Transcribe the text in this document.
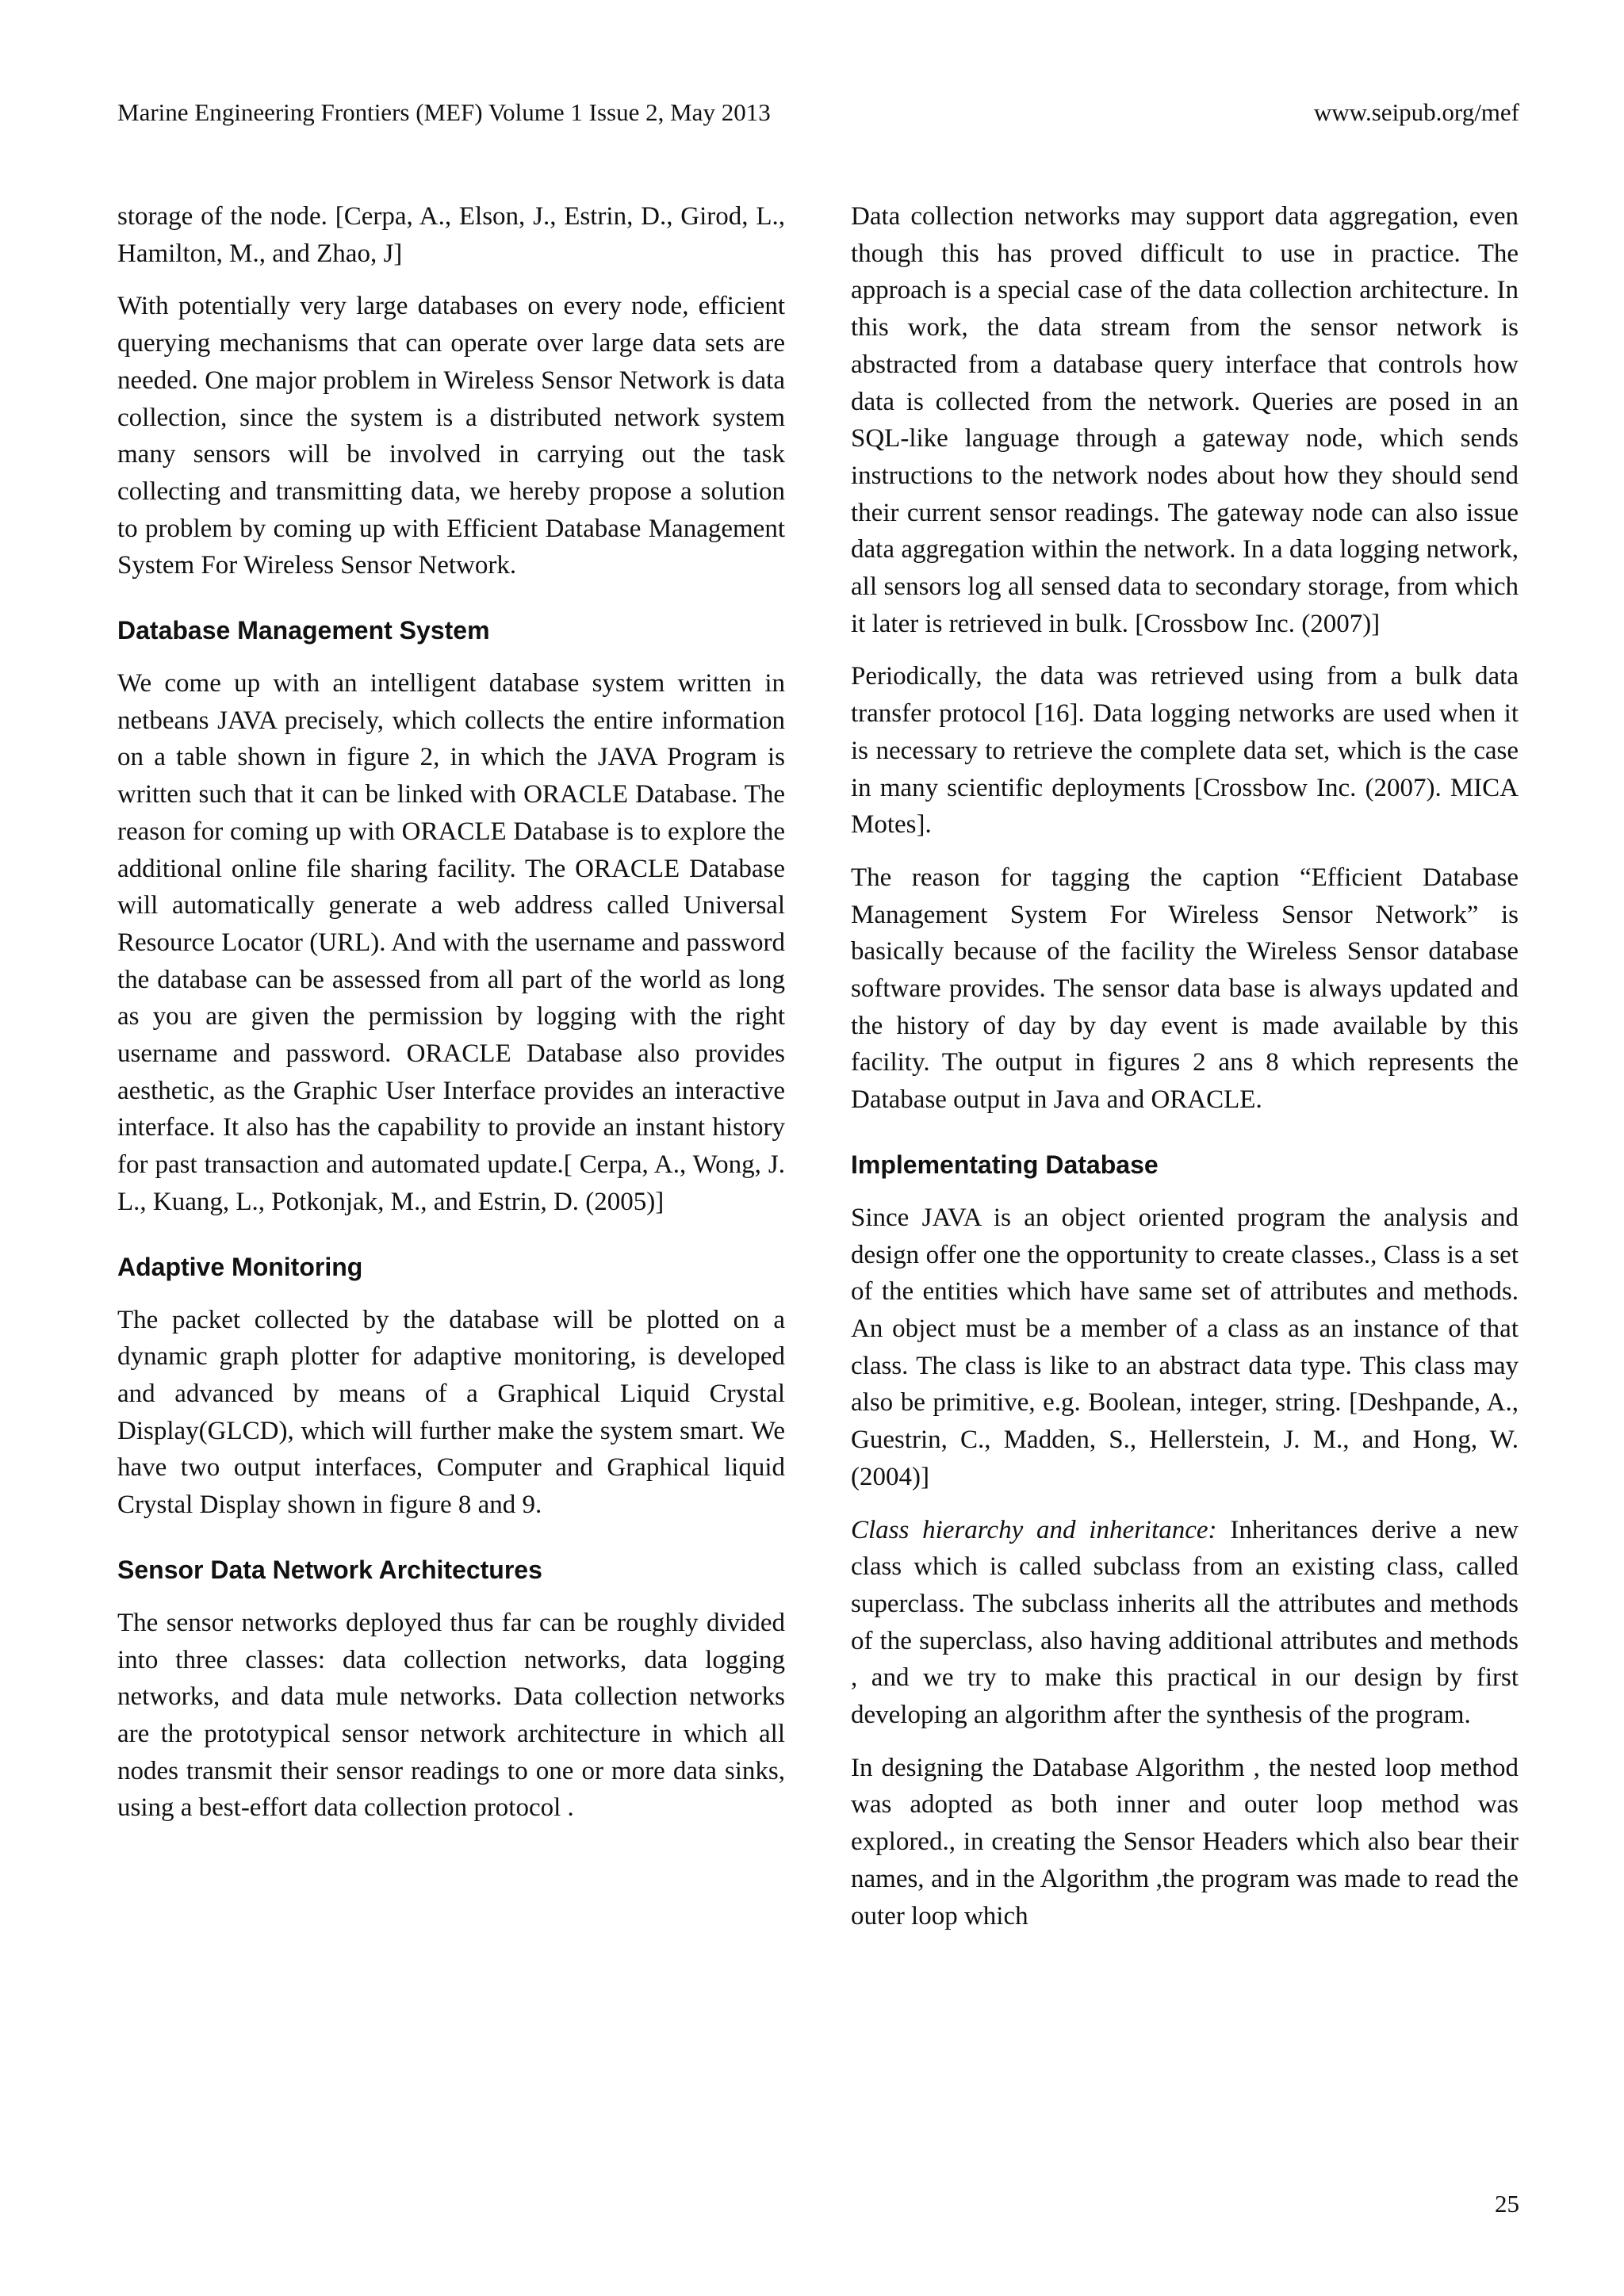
Marine Engineering Frontiers (MEF) Volume 1 Issue 2, May 2013	www.seipub.org/mef

storage of the node. [Cerpa, A., Elson, J., Estrin, D., Girod, L., Hamilton, M., and Zhao, J]

With potentially very large databases on every node, efficient querying mechanisms that can operate over large data sets are needed. One major problem in Wireless Sensor Network is data collection, since the system is a distributed network system many sensors will be involved in carrying out the task collecting and transmitting data, we hereby propose a solution to problem by coming up with Efficient Database Management System For Wireless Sensor Network.

Database Management System

We come up with an intelligent database system written in netbeans JAVA precisely, which collects the entire information on a table shown in figure 2, in which the JAVA Program is written such that it can be linked with ORACLE Database. The reason for coming up with ORACLE Database is to explore the additional online file sharing facility. The ORACLE Database will automatically generate a web address called Universal Resource Locator (URL). And with the username and password the database can be assessed from all part of the world as long as you are given the permission by logging with the right username and password. ORACLE Database also provides aesthetic, as the Graphic User Interface provides an interactive interface. It also has the capability to provide an instant history for past transaction and automated update.[ Cerpa, A., Wong, J. L., Kuang, L., Potkonjak, M., and Estrin, D. (2005)]

Adaptive Monitoring

The packet collected by the database will be plotted on a dynamic graph plotter for adaptive monitoring, is developed and advanced by means of a Graphical Liquid Crystal Display(GLCD), which will further make the system smart. We have two output interfaces, Computer and Graphical liquid Crystal Display shown in figure 8 and 9.

Sensor Data Network Architectures

The sensor networks deployed thus far can be roughly divided into three classes: data collection networks, data logging networks, and data mule networks. Data collection networks are the prototypical sensor network architecture in which all nodes transmit their sensor readings to one or more data sinks, using a best-effort data collection protocol .

Data collection networks may support data aggregation, even though this has proved difficult to use in practice. The approach is a special case of the data collection architecture. In this work, the data stream from the sensor network is abstracted from a database query interface that controls how data is collected from the network. Queries are posed in an SQL-like language through a gateway node, which sends instructions to the network nodes about how they should send their current sensor readings. The gateway node can also issue data aggregation within the network. In a data logging network, all sensors log all sensed data to secondary storage, from which it later is retrieved in bulk. [Crossbow Inc. (2007)]

Periodically, the data was retrieved using from a bulk data transfer protocol [16]. Data logging networks are used when it is necessary to retrieve the complete data set, which is the case in many scientific deployments [Crossbow Inc. (2007). MICA Motes].

The reason for tagging the caption “Efficient Database Management System For Wireless Sensor Network” is basically because of the facility the Wireless Sensor database software provides. The sensor data base is always updated and the history of day by day event is made available by this facility. The output in figures 2 ans 8 which represents the Database output in Java and ORACLE.

Implementating Database

Since JAVA is an object oriented program the analysis and design offer one the opportunity to create classes., Class is a set of the entities which have same set of attributes and methods. An object must be a member of a class as an instance of that class. The class is like to an abstract data type. This class may also be primitive, e.g. Boolean, integer, string. [Deshpande, A., Guestrin, C., Madden, S., Hellerstein, J. M., and Hong, W. (2004)]

Class hierarchy and inheritance: Inheritances derive a new class which is called subclass from an existing class, called superclass. The subclass inherits all the attributes and methods of the superclass, also having additional attributes and methods , and we try to make this practical in our design by first developing an algorithm after the synthesis of the program.

In designing the Database Algorithm , the nested loop method was adopted as both inner and outer loop method was explored., in creating the Sensor Headers which also bear their names, and in the Algorithm ,the program was made to read the outer loop which

25
